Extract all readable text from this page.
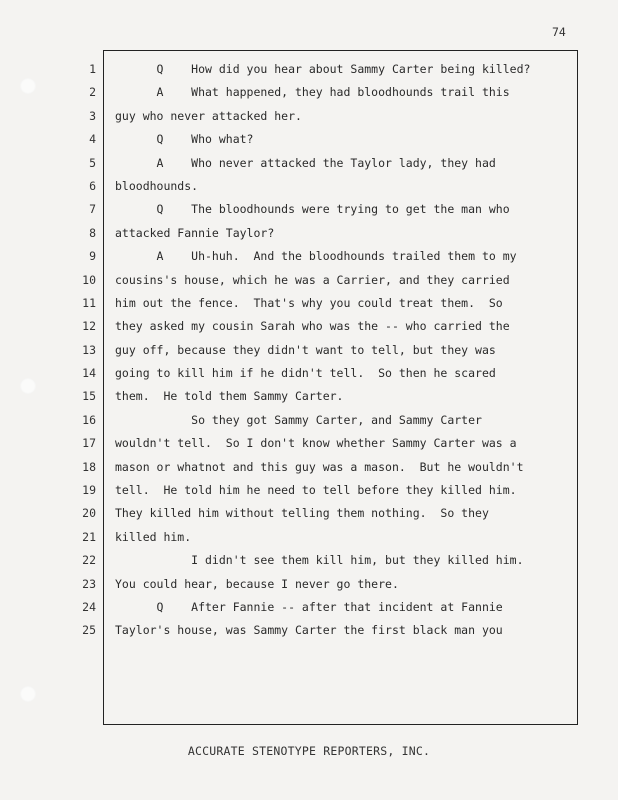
74
1
2
3
4
5
6
7
8
9
10
11
12
13
14
15
16
17
18
19
20
21
22
23
24
25
Q    How did you hear about Sammy Carter being killed?
A    What happened, they had bloodhounds trail this
guy who never attacked her.
Q    Who what?
A    Who never attacked the Taylor lady, they had
bloodhounds.
Q    The bloodhounds were trying to get the man who
attacked Fannie Taylor?
A    Uh-huh.  And the bloodhounds trailed them to my
cousins's house, which he was a Carrier, and they carried
him out the fence.  That's why you could treat them.  So
they asked my cousin Sarah who was the -- who carried the
guy off, because they didn't want to tell, but they was
going to kill him if he didn't tell.  So then he scared
them.  He told them Sammy Carter.
So they got Sammy Carter, and Sammy Carter
wouldn't tell.  So I don't know whether Sammy Carter was a
mason or whatnot and this guy was a mason.  But he wouldn't
tell.  He told him he need to tell before they killed him.
They killed him without telling them nothing.  So they
killed him.
I didn't see them kill him, but they killed him.
You could hear, because I never go there.
Q    After Fannie -- after that incident at Fannie
Taylor's house, was Sammy Carter the first black man you
ACCURATE STENOTYPE REPORTERS, INC.
